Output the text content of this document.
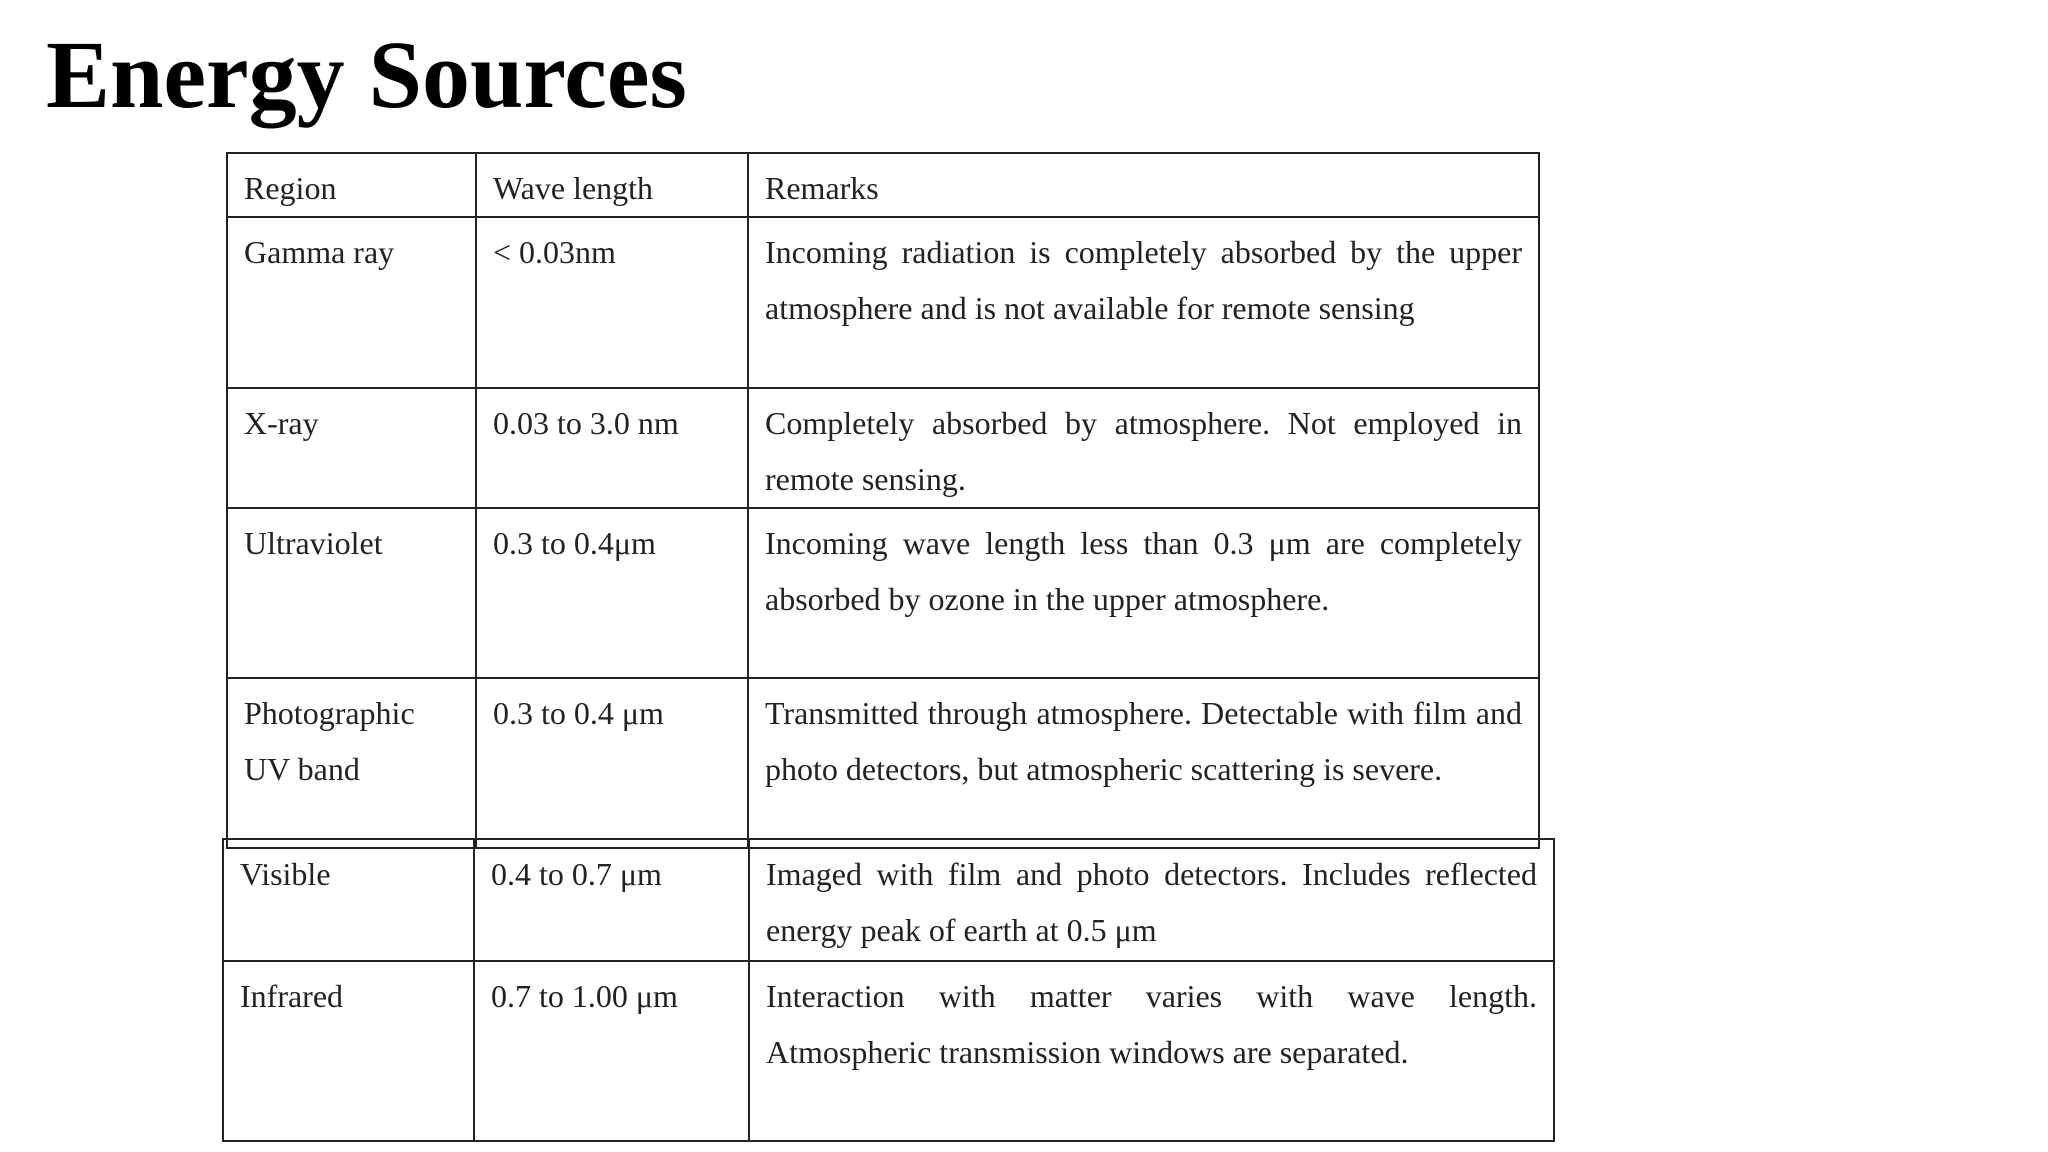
Energy Sources
Region	Wave length	Remarks
Gamma ray	< 0.03nm	Incoming radiation is completely absorbed by the upper atmosphere and is not available for remote sensing
X-ray	0.03 to 3.0 nm	Completely absorbed by atmosphere. Not employed in remote sensing.
Ultraviolet	0.3 to 0.4μm	Incoming wave length less than 0.3 μm are completely absorbed by ozone in the upper atmosphere.
Photographic UV band	0.3 to 0.4 μm	Transmitted through atmosphere. Detectable with film and photo detectors, but atmospheric scattering is severe.
Visible	0.4 to 0.7 μm	Imaged with film and photo detectors. Includes reflected energy peak of earth at 0.5 μm
Infrared	0.7 to 1.00 μm	Interaction with matter varies with wave length. Atmospheric transmission windows are separated.
